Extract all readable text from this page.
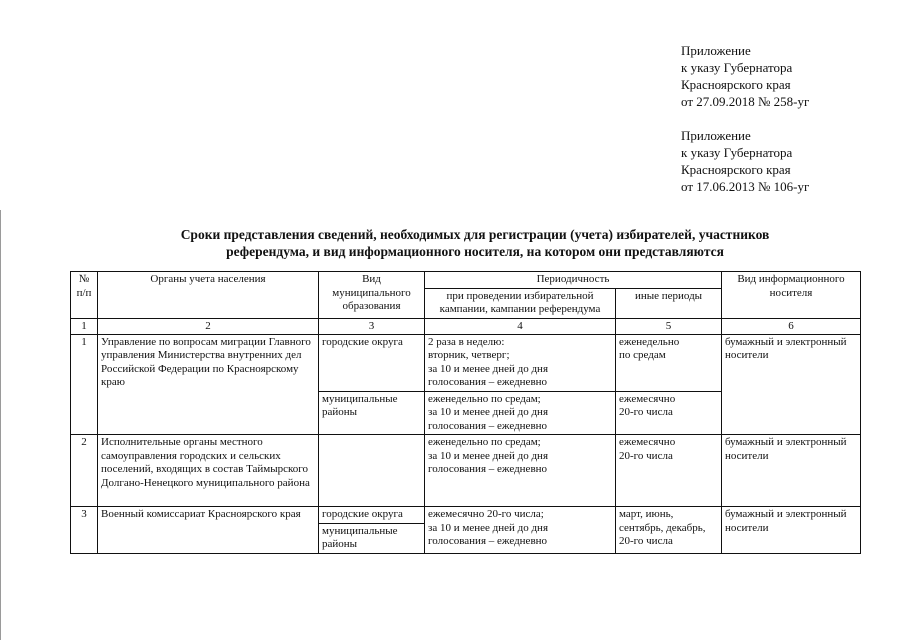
Приложение
к указу Губернатора
Красноярского края
от 27.09.2018 № 258-уг
Приложение
к указу Губернатора
Красноярского края
от 17.06.2013 № 106-уг
Сроки представления сведений, необходимых для регистрации (учета) избирателей, участников
референдума, и вид информационного носителя, на котором они представляются
№ п/п	Органы учета населения	Вид муниципального образования	Периодичность		Вид информационного носителя
			при проведении избирательной кампании, кампании референдума	иные периоды	
1	2	3	4	5	6
1	Управление по вопросам миграции Главного управления Министерства внутренних дел Российской Федерации по Красноярскому краю	городские округа	2 раза в неделю:
вторник, четверг;
за 10 и менее дней до дня
голосования – ежедневно	еженедельно
по средам	бумажный и электронный носители
		муниципальные районы	еженедельно по средам;
за 10 и менее дней до дня
голосования – ежедневно	ежемесячно
20-го числа	

2	Исполнительные органы местного самоуправления городских и сельских поселений, входящих в состав Таймырского Долгано-Ненецкого муниципального района		еженедельно по средам;
за 10 и менее дней до дня
голосования – ежедневно	ежемесячно
20-го числа	бумажный и электронный носители
3	Военный комиссариат Красноярского края	городские округа	ежемесячно 20-го числа;
за 10 и менее дней до дня
голосования – ежедневно	март, июнь,
сентябрь, декабрь,
20-го числа	бумажный и электронный носители
		муниципальные районы			
